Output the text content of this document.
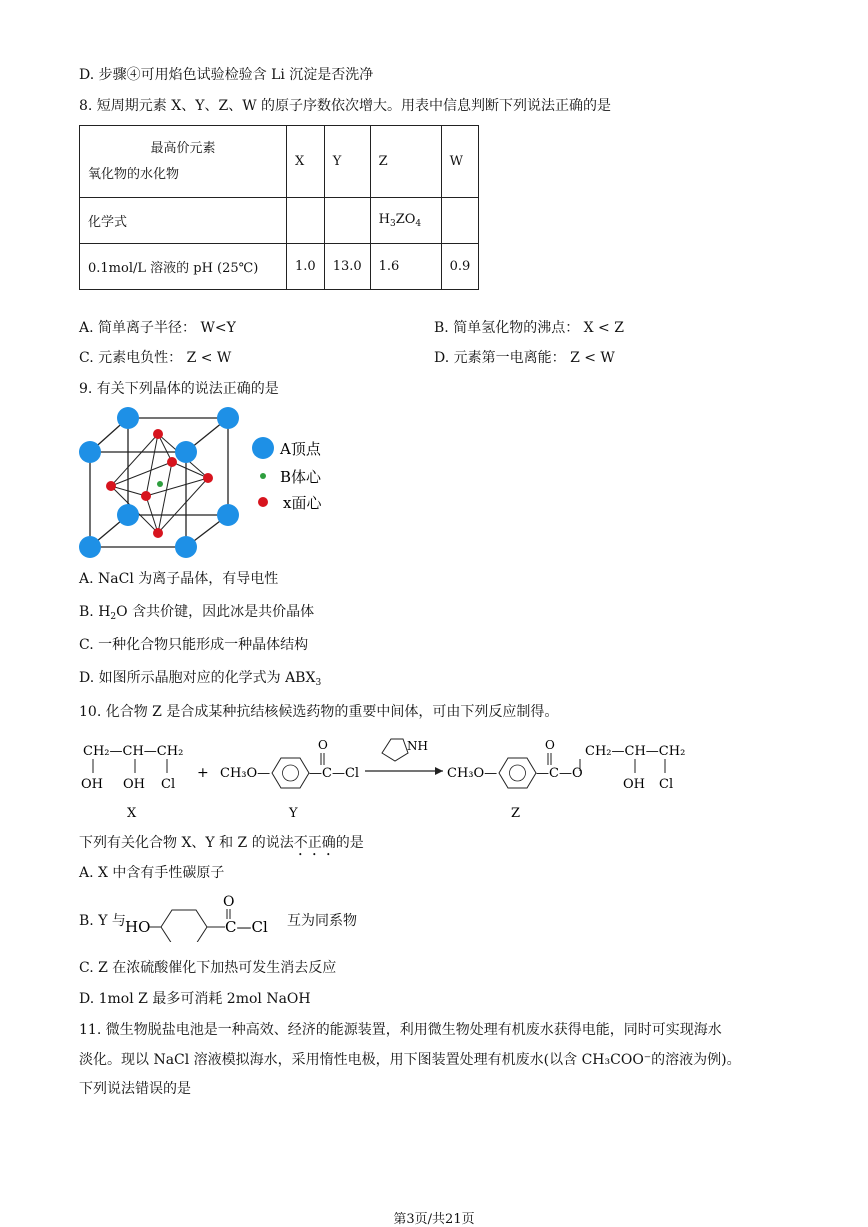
D. 步骤④可用焰色试验检验含 Li 沉淀是否洗净
8. 短周期元素 X、Y、Z、W 的原子序数依次增大。用表中信息判断下列说法正确的是
最高价元素
氧化物的水化物	X	Y	Z	W
化学式			$H_3ZO_4$	
0.1mol/L 溶液的 pH (25℃)	1.0	13.0	1.6	0.9
A. 简单离子半径： W<Y	B. 简单氢化物的沸点： X < Z
C. 元素电负性： Z < W	D. 元素第一电离能： Z < W
9. 有关下列晶体的说法正确的是
A顶点
B体心
x面心
A. NaCl 为离子晶体，有导电性
B. $H_2O$ 含共价键，因此冰是共价晶体
C. 一种化合物只能形成一种晶体结构
D. 如图所示晶胞对应的化学式为 $ABX_3$
10. 化合物 Z 是合成某种抗结核候选药物的重要中间体，可由下列反应制得。
CH₂—CH—CH₂
OH OH Cl
X
+ CH₃O—	—C—Cl
O
Y
NH
CH₃O—	—C—O
O CH₂—CH—CH₂
OH Cl
Z
下列有关化合物 X、Y 和 Z 的说法不正确的是
A. X 中含有手性碳原子
B. Y 与 HO	C—Cl
O
互为同系物
C. Z 在浓硫酸催化下加热可发生消去反应
D. 1mol Z 最多可消耗 2mol NaOH
11. 微生物脱盐电池是一种高效、经济的能源装置，利用微生物处理有机废水获得电能，同时可实现海水
淡化。现以 NaCl 溶液模拟海水，采用惰性电极，用下图装置处理有机废水(以含 CH₃COO⁻的溶液为例)。
下列说法错误的是
第3页/共21页
